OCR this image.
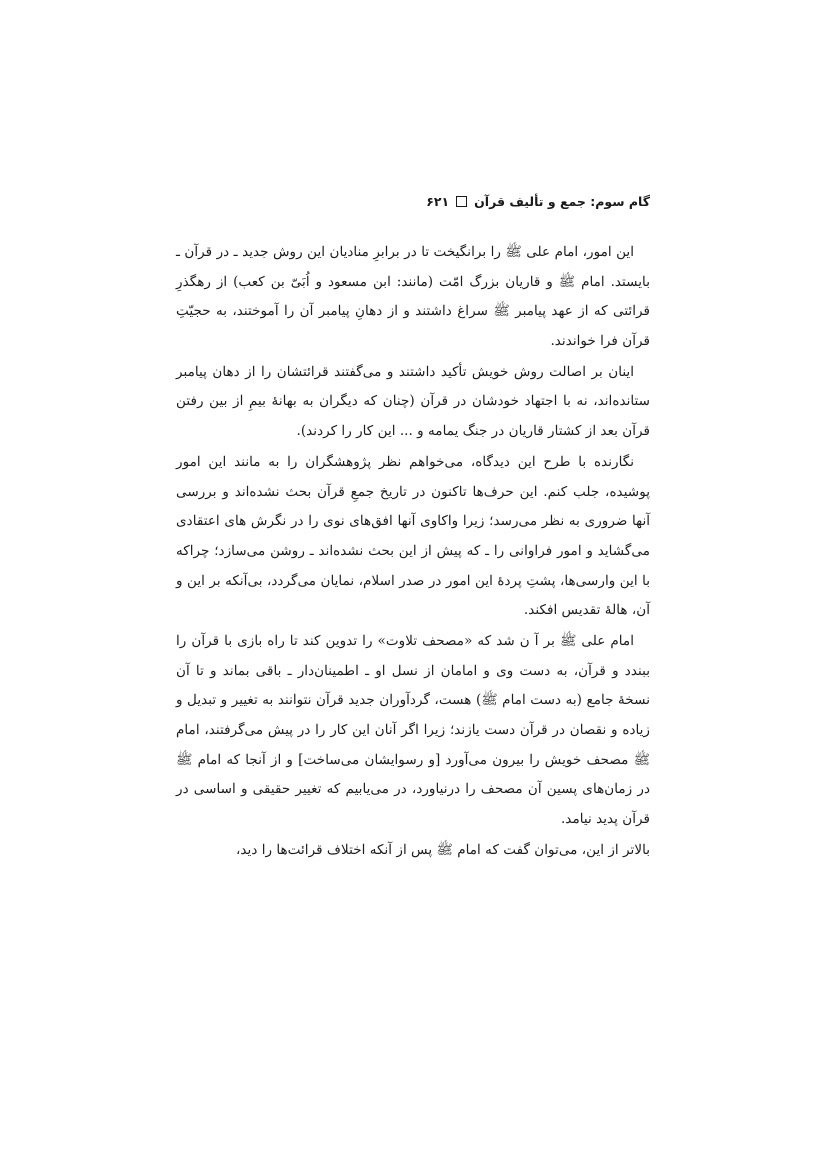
گام سوم: جمع و تألیف قرآن۶۲۱

این امور، امام علی ﷺ را برانگیخت تا در برابرِ منادیان این روش جدید ـ در قرآن ـ بایستد. امام ﷺ و قاریان بزرگ امّت (مانند: ابن مسعود و اُبَیّ بن کعب) از رهگذرِ قرائتی که از عهد پیامبر ﷺ سراغ داشتند و از دهانِ پیامبر آن را آموختند، به حجیّتِ قرآن فرا خواندند.

اینان بر اصالت روش خویش تأکید داشتند و می‌گفتند قرائتشان را از دهان پیامبر ستانده‌اند، نه با اجتهاد خودشان در قرآن (چنان که دیگران به بهانهٔ بیمِ از بین رفتن قرآن بعد از کشتار قاریان در جنگ یمامه و ... این کار را کردند).

نگارنده با طرح این دیدگاه، می‌خواهم نظر پژوهشگران را به مانند این امور پوشیده، جلب کنم. این حرف‌ها تاکنون در تاریخ جمعِ قرآن بحث نشده‌اند و بررسی آنها ضروری به نظر می‌رسد؛ زیرا واکاوی آنها افق‌های نوی را در نگرش های اعتقادی می‌گشاید و امور فراوانی را ـ که پیش از این بحث نشده‌اند ـ روشن می‌سازد؛ چراکه با این وارسی‌ها، پشتِ پردهٔ این امور در صدر اسلام، نمایان می‌گردد، بی‌آنکه بر این و آن، هالهٔ تقدیس افکند.

امام علی ﷺ بر آ ن شد که «مصحف تلاوت» را تدوین کند تا راه بازی با قرآن را ببندد و قرآن، به دست وی و امامان از نسل او ـ اطمینان‌دار ـ باقی بماند و تا آن نسخهٔ جامع (به دست امام ﷺ) هست، گردآوران جدید قرآن نتوانند به تغییر و تبدیل و زیاده و نقصان در قرآن دست یازند؛ زیرا اگر آنان این کار را در پیش می‌گرفتند، امام ﷺ مصحف خویش را بیرون می‌آورد [و رسوایشان می‌ساخت] و از آنجا که امام ﷺ در زمان‌های پسین آن مصحف را درنیاورد، در می‌یابیم که تغییر حقیقی و اساسی در قرآن پدید نیامد.

بالاتر از این، می‌توان گفت که امام ﷺ پس از آنکه اختلاف قرائت‌ها را دید،
